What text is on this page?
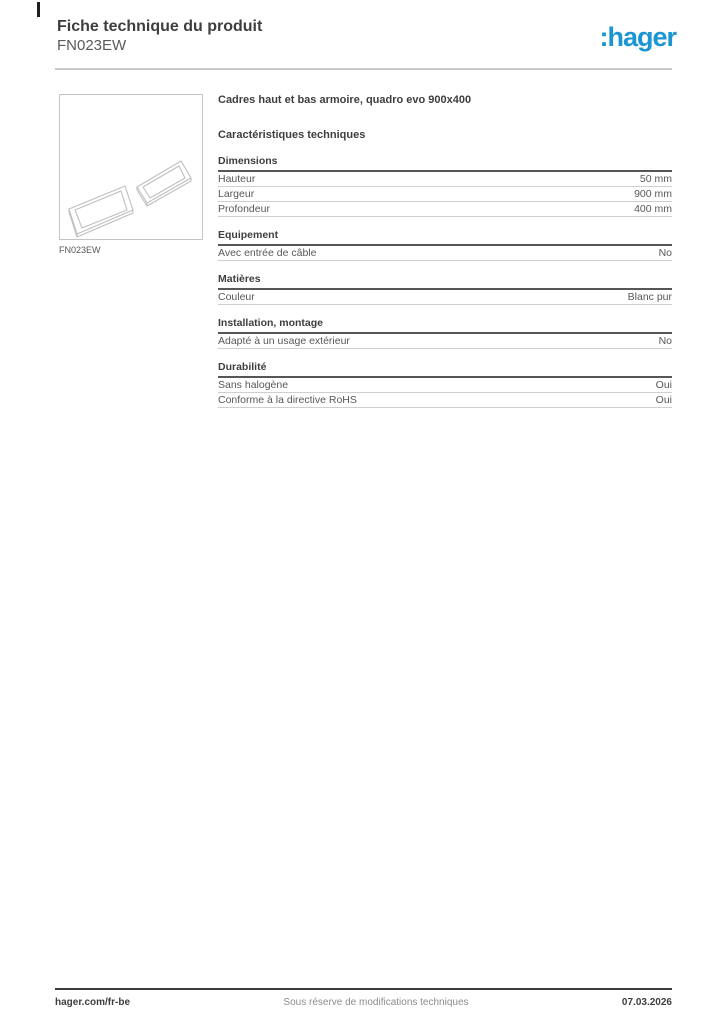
Fiche technique du produit
FN023EW	:hager
FN023EW
Cadres haut et bas armoire, quadro evo 900x400
Caractéristiques techniques
Dimensions
Hauteur	50 mm
Largeur	900 mm
Profondeur	400 mm
Equipement
Avec entrée de câble	No
Matières
Couleur	Blanc pur
Installation, montage
Adapté à un usage extérieur	No
Durabilité
Sans halogène	Oui
Conforme à la directive RoHS	Oui
hager.com/fr-be	Sous réserve de modifications techniques	07.03.2026
